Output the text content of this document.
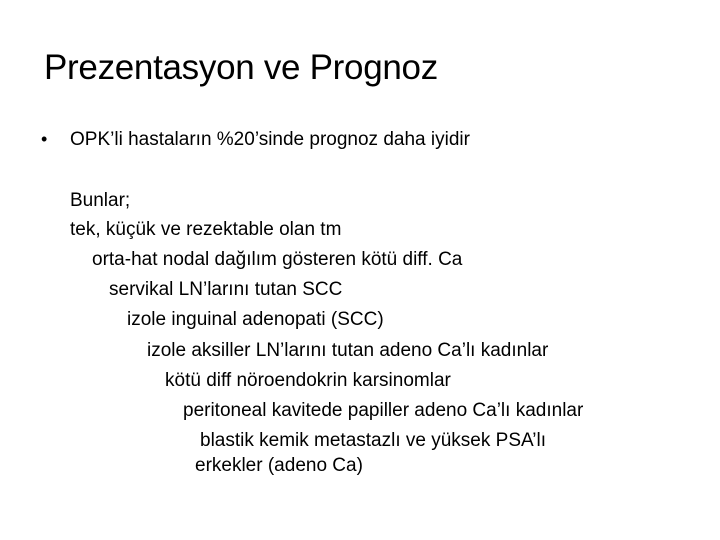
Prezentasyon ve Prognoz
• OPK’li hastaların %20’sinde prognoz daha iyidir
Bunlar;
tek, küçük ve rezektable olan tm
orta-hat nodal dağılım gösteren kötü diff. Ca
servikal LN’larını tutan SCC
izole inguinal adenopati (SCC)
izole aksiller LN’larını tutan adeno Ca’lı kadınlar
kötü diff nöroendokrin karsinomlar
peritoneal kavitede papiller adeno Ca’lı kadınlar
blastik kemik metastazlı ve yüksek PSA’lı
erkekler (adeno Ca)
